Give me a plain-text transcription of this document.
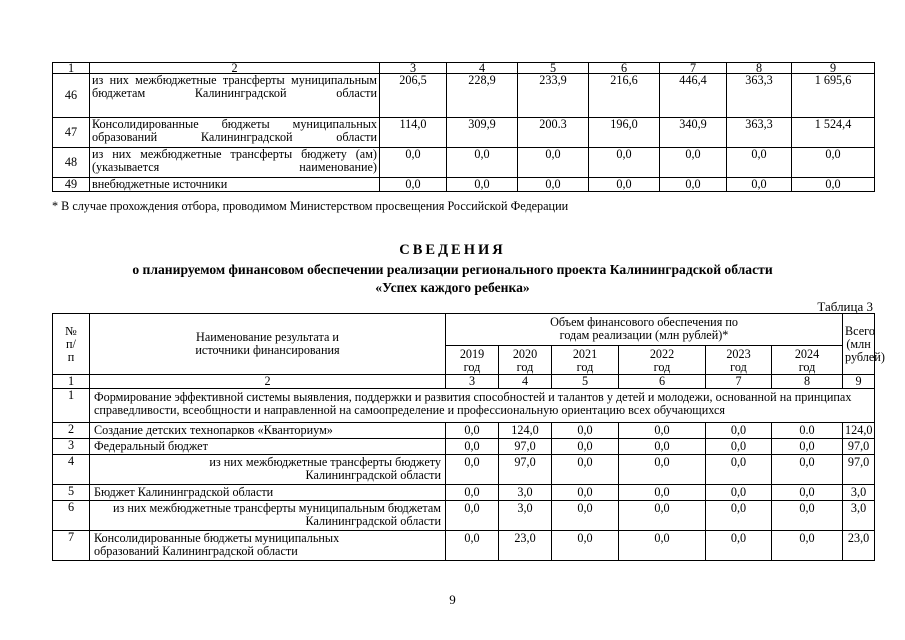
1	2	3	4	5	6	7	8	9
46	из них межбюджетные трансферты муниципальным бюджетам Калининградской области	206,5	228,9	233,9	216,6	446,4	363,3	1 695,6
47	Консолидированные бюджеты муниципальных образований Калининградской области	114,0	309,9	200.3	196,0	340,9	363,3	1 524,4
48	из них межбюджетные трансферты бюджету (ам) (указывается наименование)	0,0	0,0	0,0	0,0	0,0	0,0	0,0
49	внебюджетные источники	0,0	0,0	0,0	0,0	0,0	0,0	0,0
* В случае прохождения отбора, проводимом Министерством просвещения Российской Федерации
СВЕДЕНИЯ
о планируемом финансовом обеспечении реализации регионального проекта Калининградской области
«Успех каждого ребенка»
Таблица 3
№ п/п	Наименование результата и источники финансирования	Объем финансового обеспечения по годам реализации (млн рублей)*						Всего (млн рублей)
		2019 год	2020 год	2021 год	2022 год	2023 год	2024 год	
1	2	3	4	5	6	7	8	9
1	Формирование эффективной системы выявления, поддержки и развития способностей и талантов у детей и молодежи, основанной на принципах справедливости, всеобщности и направленной на самоопределение и профессиональную ориентацию всех обучающихся							
2	Создание детских технопарков «Кванториум»	0,0	124,0	0,0	0,0	0,0	0.0	124,0
3	Федеральный бюджет	0,0	97,0	0,0	0,0	0,0	0,0	97,0
4	из них межбюджетные трансферты бюджету Калининградской области	0,0	97,0	0,0	0,0	0,0	0,0	97,0
5	Бюджет Калининградской области	0,0	3,0	0,0	0,0	0,0	0,0	3,0
6	из них межбюджетные трансферты муниципальным бюджетам Калининградской области	0,0	3,0	0,0	0,0	0,0	0,0	3,0
7	Консолидированные бюджеты муниципальных образований Калининградской области	0,0	23,0	0,0	0,0	0,0	0,0	23,0
9
